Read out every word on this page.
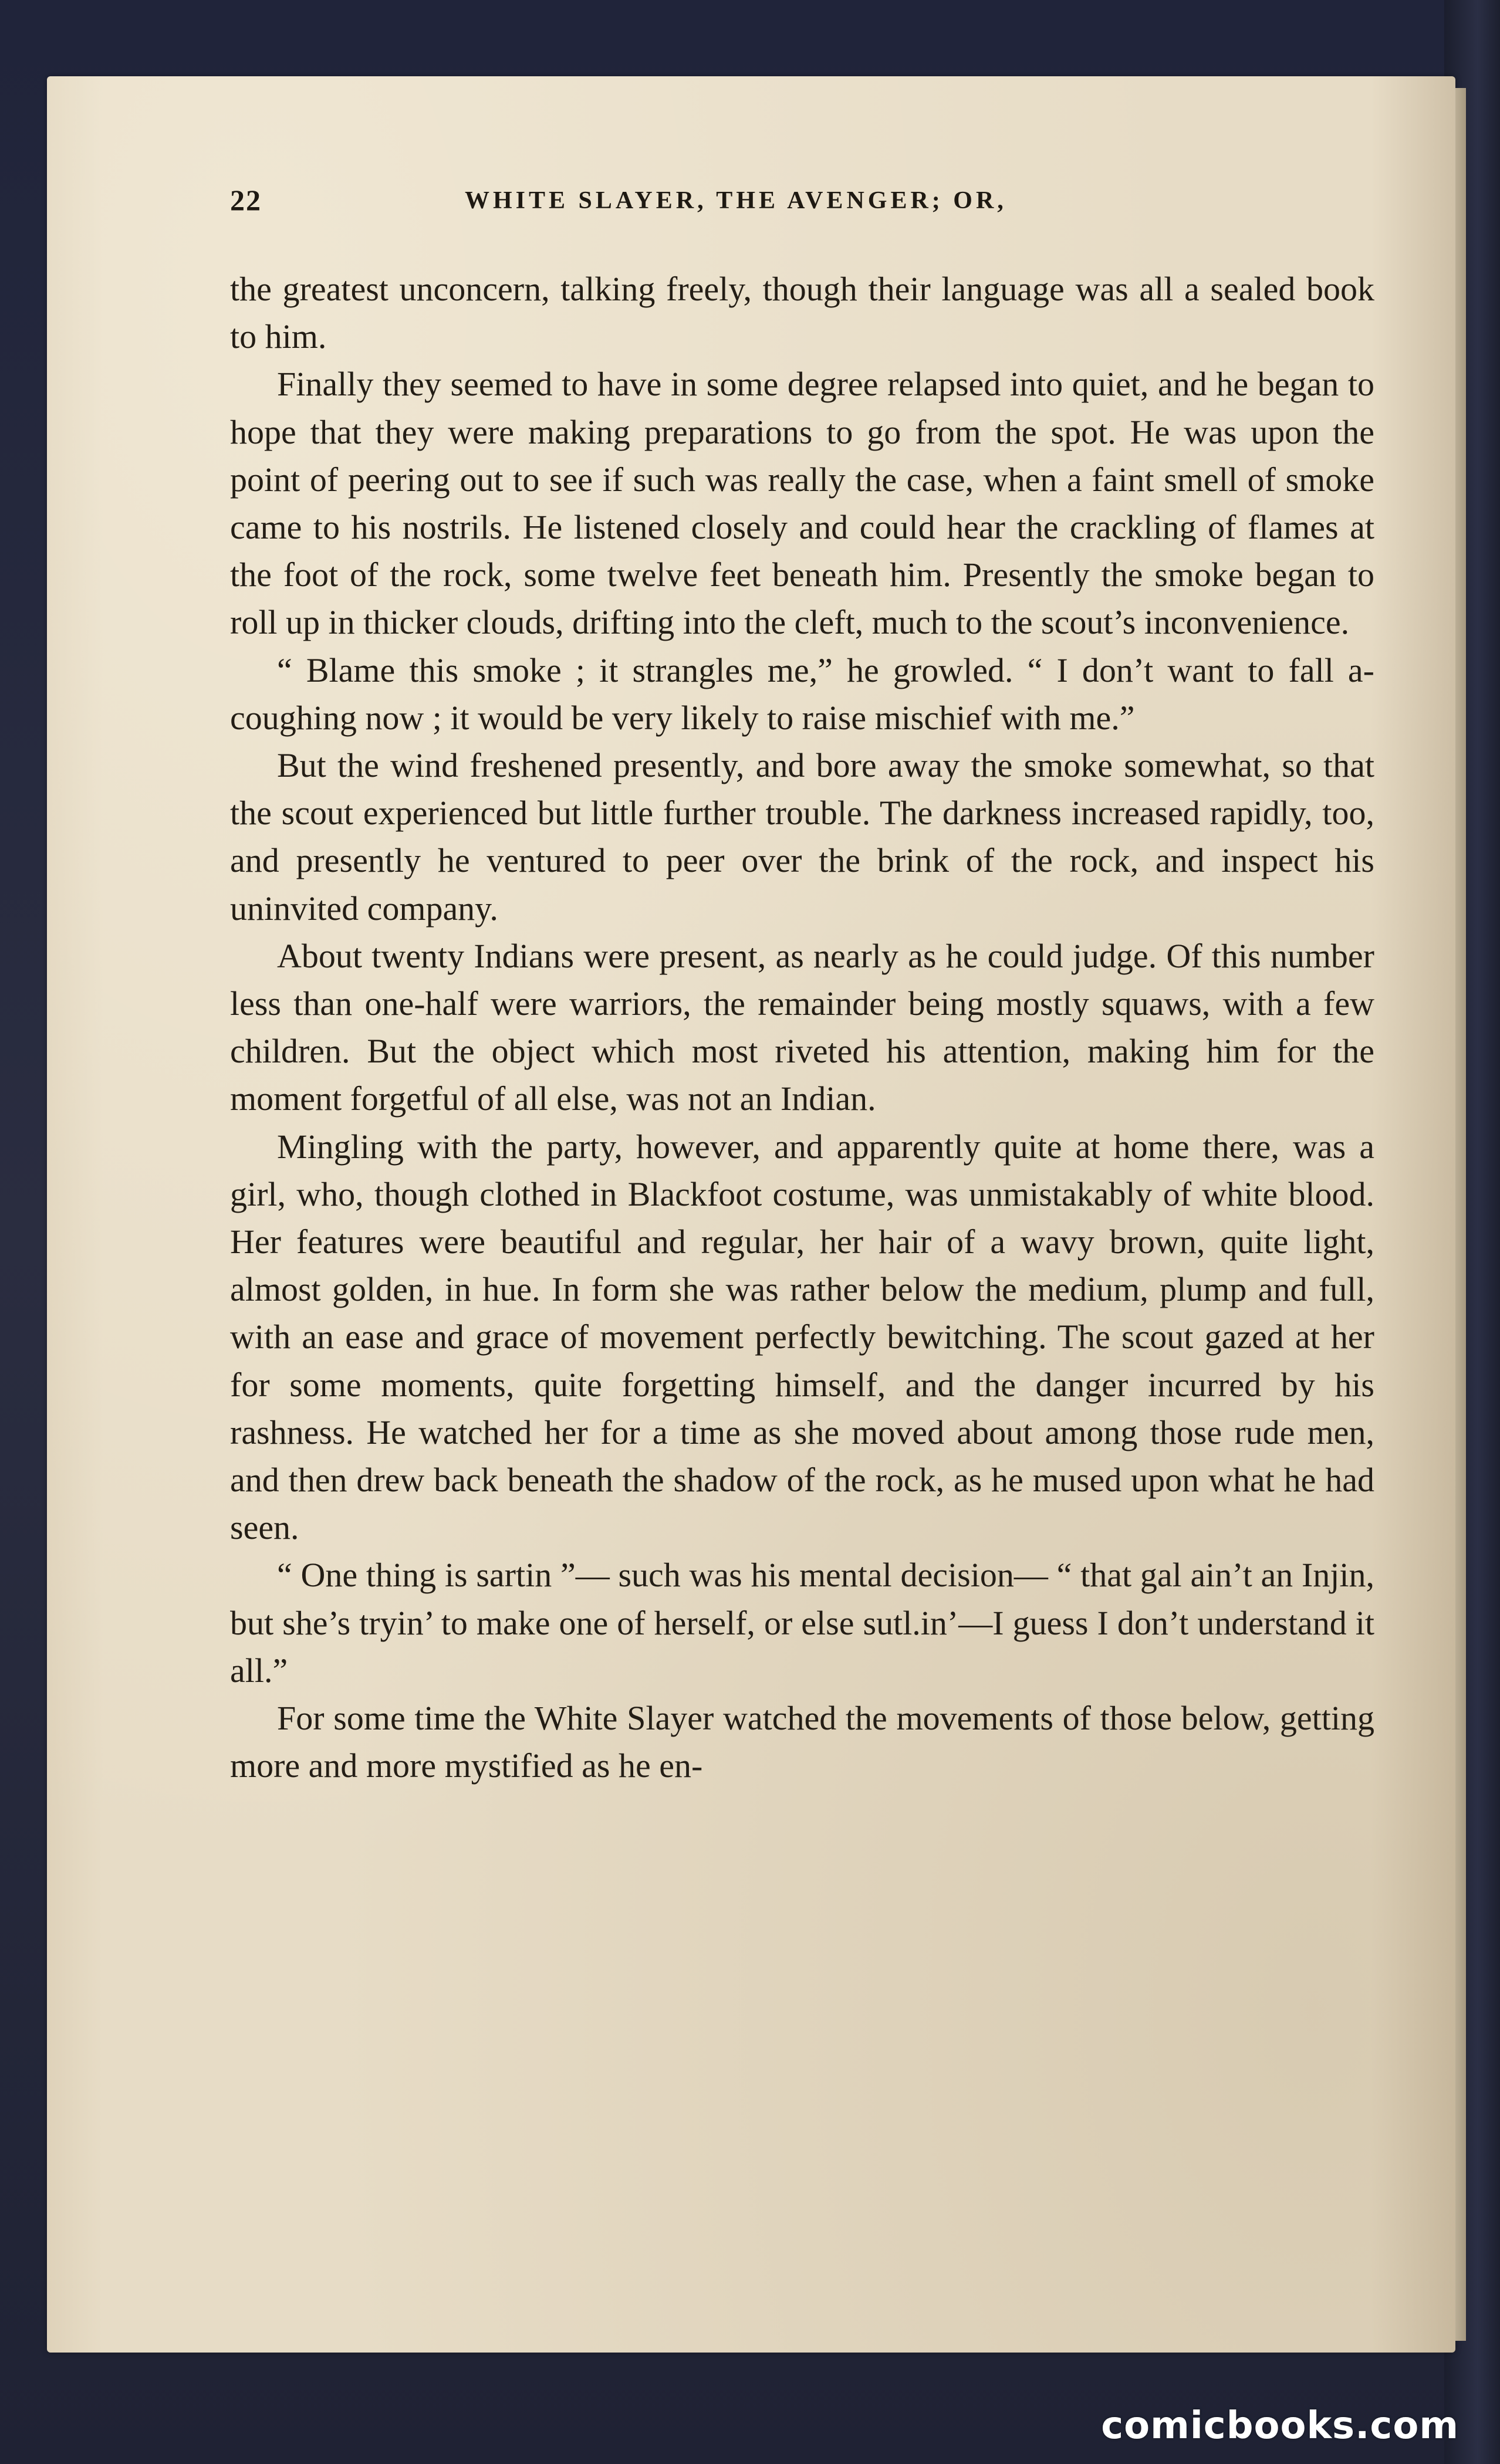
22	WHITE SLAYER, THE AVENGER; OR,

the greatest unconcern, talking freely, though their language was all a sealed book to him.

Finally they seemed to have in some degree relapsed into quiet, and he began to hope that they were making preparations to go from the spot. He was upon the point of peering out to see if such was really the case, when a faint smell of smoke came to his nostrils. He listened closely and could hear the crackling of flames at the foot of the rock, some twelve feet beneath him. Presently the smoke began to roll up in thicker clouds, drifting into the cleft, much to the scout’s inconvenience.

“ Blame this smoke ; it strangles me,” he growled. “ I don’t want to fall a-coughing now ; it would be very likely to raise mischief with me.”

But the wind freshened presently, and bore away the smoke somewhat, so that the scout experienced but little further trouble. The darkness increased rapidly, too, and presently he ventured to peer over the brink of the rock, and inspect his uninvited company.

About twenty Indians were present, as nearly as he could judge. Of this number less than one-half were warriors, the remainder being mostly squaws, with a few children. But the object which most riveted his attention, making him for the moment forgetful of all else, was not an Indian.

Mingling with the party, however, and apparently quite at home there, was a girl, who, though clothed in Blackfoot costume, was unmistakably of white blood. Her features were beautiful and regular, her hair of a wavy brown, quite light, almost golden, in hue. In form she was rather below the medium, plump and full, with an ease and grace of movement perfectly bewitching. The scout gazed at her for some moments, quite forgetting himself, and the danger incurred by his rashness. He watched her for a time as she moved about among those rude men, and then drew back beneath the shadow of the rock, as he mused upon what he had seen.

“ One thing is sartin ”— such was his mental decision— “ that gal ain’t an Injin, but she’s tryin’ to make one of herself, or else sutl.in’—I guess I don’t understand it all.”

For some time the White Slayer watched the movements of those below, getting more and more mystified as he en-

comicbooks.com
